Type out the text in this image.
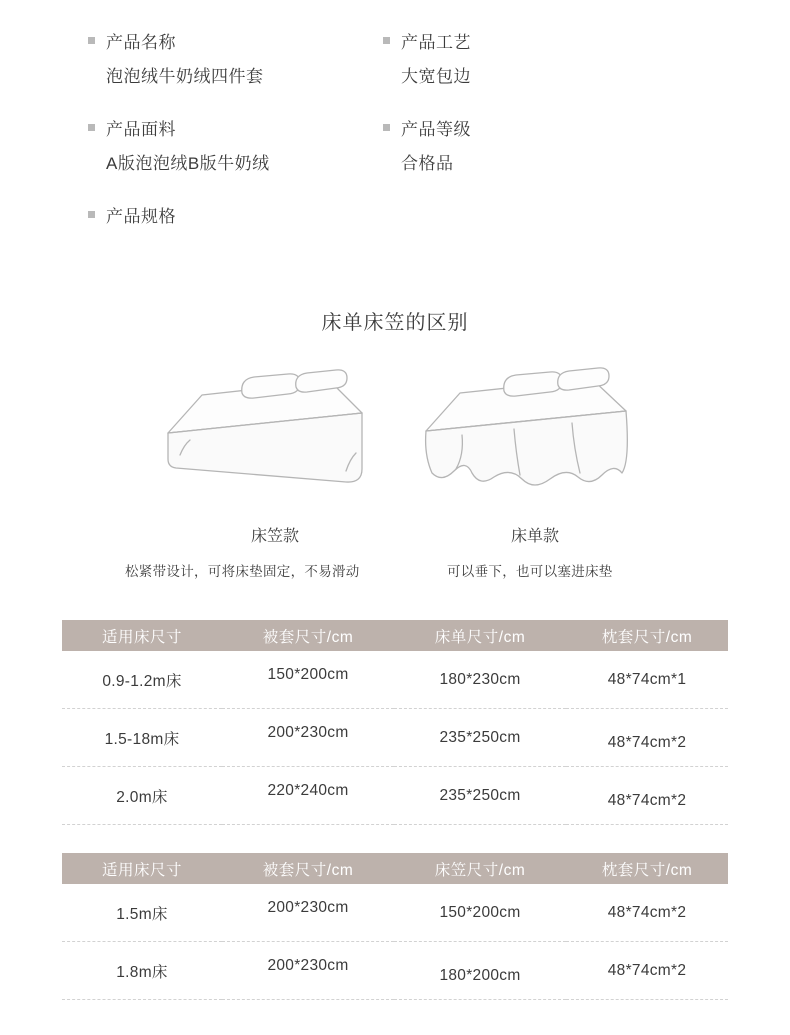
产品名称
泡泡绒牛奶绒四件套
产品面料
A版泡泡绒B版牛奶绒
产品规格
产品工艺
大宽包边
产品等级
合格品
床单床笠的区别
床笠款	床单款
松紧带设计，可将床垫固定，不易滑动	可以垂下，也可以塞进床垫
适用床尺寸	被套尺寸/cm	床单尺寸/cm	枕套尺寸/cm
0.9-1.2m床	150*200cm	180*230cm	48*74cm*1
1.5-18m床	200*230cm	235*250cm	48*74cm*2
2.0m床	220*240cm	235*250cm	48*74cm*2
适用床尺寸	被套尺寸/cm	床笠尺寸/cm	枕套尺寸/cm
1.5m床	200*230cm	150*200cm	48*74cm*2
1.8m床	200*230cm	180*200cm	48*74cm*2
